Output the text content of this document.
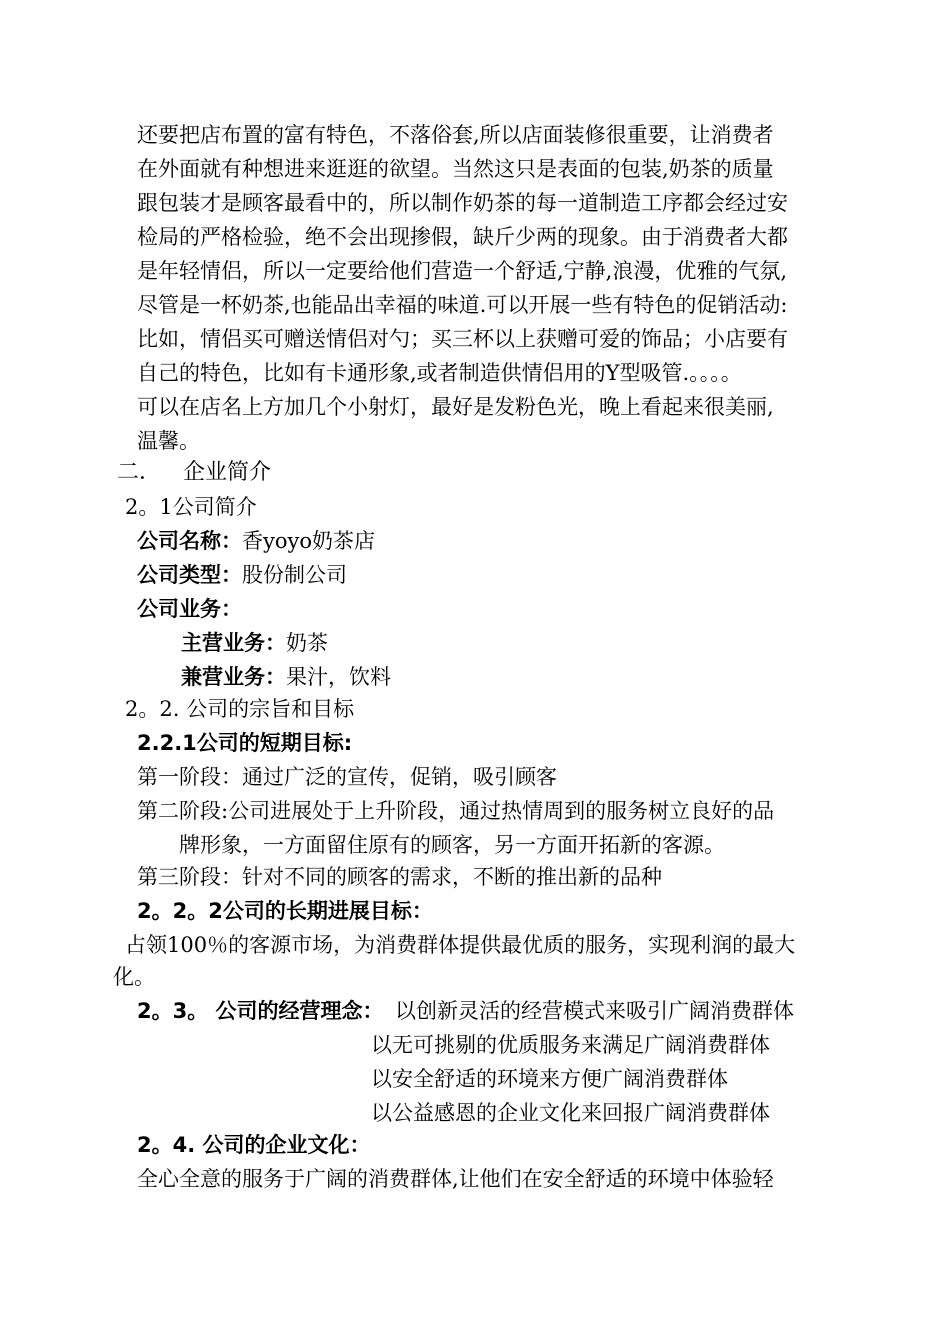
还要把店布置的富有特色，不落俗套,所以店面装修很重要，让消费者
在外面就有种想进来逛逛的欲望。当然这只是表面的包装,奶茶的质量
跟包装才是顾客最看中的，所以制作奶茶的每一道制造工序都会经过安
检局的严格检验，绝不会出现掺假，缺斤少两的现象。由于消费者大都
是年轻情侣，所以一定要给他们营造一个舒适,宁静,浪漫，优雅的气氛,
尽管是一杯奶茶,也能品出幸福的味道.可以开展一些有特色的促销活动:
比如，情侣买可赠送情侣对勺；买三杯以上获赠可爱的饰品；小店要有
自己的特色，比如有卡通形象,或者制造供情侣用的Y型吸管.。。。。
可以在店名上方加几个小射灯，最好是发粉色光，晚上看起来很美丽,
温馨。
二． 企业简介
2。1公司简介
公司名称：香yoyo奶茶店
公司类型：股份制公司
公司业务：
主营业务：奶茶
兼营业务：果汁，饮料
2。2. 公司的宗旨和目标
2.2.1公司的短期目标:
第一阶段：通过广泛的宣传，促销，吸引顾客
第二阶段:公司进展处于上升阶段，通过热情周到的服务树立良好的品
牌形象，一方面留住原有的顾客，另一方面开拓新的客源。
第三阶段：针对不同的顾客的需求，不断的推出新的品种
2。2。2公司的长期进展目标：
占领100％的客源市场，为消费群体提供最优质的服务，实现利润的最大
化。
2。3。 公司的经营理念： 以创新灵活的经营模式来吸引广阔消费群体
以无可挑剔的优质服务来满足广阔消费群体
以安全舒适的环境来方便广阔消费群体
以公益感恩的企业文化来回报广阔消费群体
2。4. 公司的企业文化：
全心全意的服务于广阔的消费群体,让他们在安全舒适的环境中体验轻
